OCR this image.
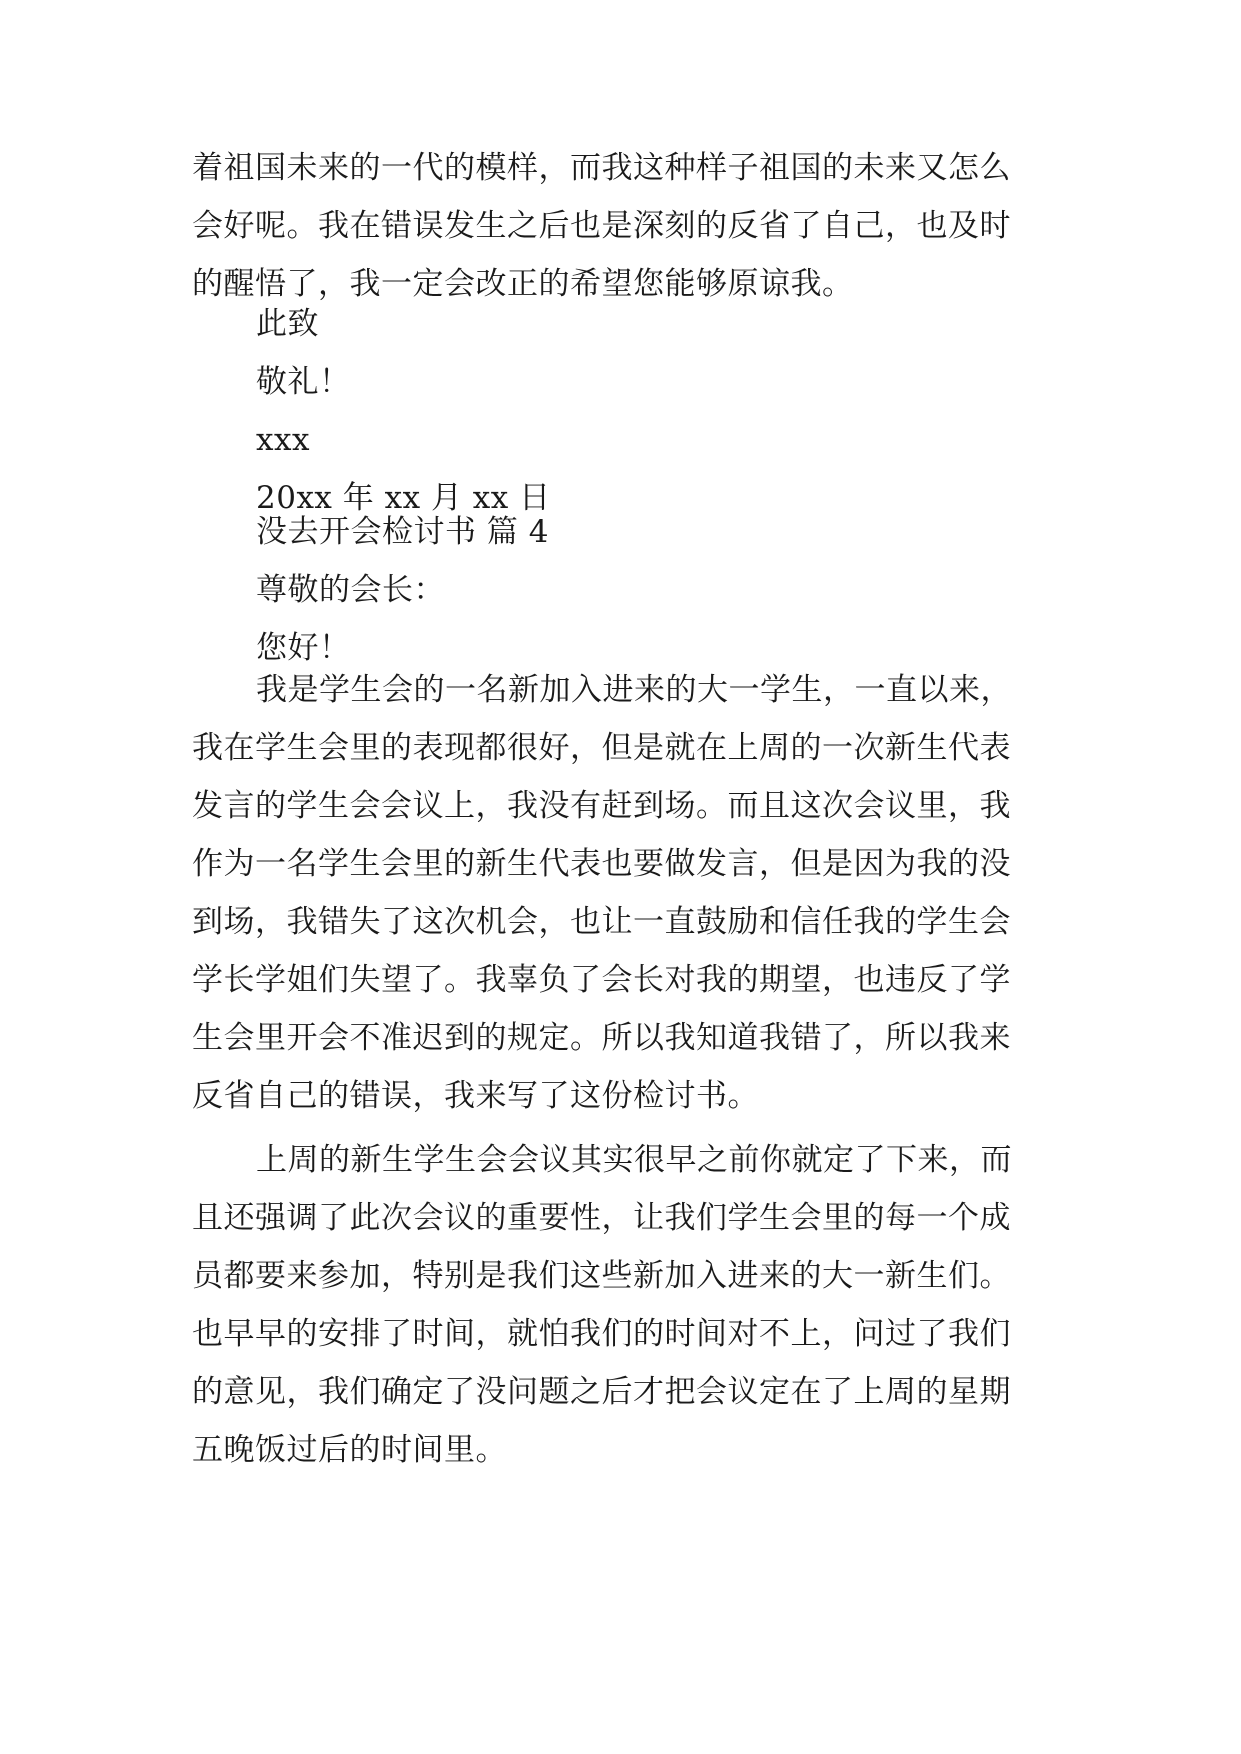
着祖国未来的一代的模样，而我这种样子祖国的未来又怎么
会好呢。我在错误发生之后也是深刻的反省了自己，也及时
的醒悟了，我一定会改正的希望您能够原谅我。
此致
敬礼！
xxx
20xx 年 xx 月 xx 日
没去开会检讨书 篇 4
尊敬的会长：
您好！
我是学生会的一名新加入进来的大一学生，一直以来，
我在学生会里的表现都很好，但是就在上周的一次新生代表
发言的学生会会议上，我没有赶到场。而且这次会议里，我
作为一名学生会里的新生代表也要做发言，但是因为我的没
到场，我错失了这次机会，也让一直鼓励和信任我的学生会
学长学姐们失望了。我辜负了会长对我的期望，也违反了学
生会里开会不准迟到的规定。所以我知道我错了，所以我来
反省自己的错误，我来写了这份检讨书。
上周的新生学生会会议其实很早之前你就定了下来，而
且还强调了此次会议的重要性，让我们学生会里的每一个成
员都要来参加，特别是我们这些新加入进来的大一新生们。
也早早的安排了时间，就怕我们的时间对不上，问过了我们
的意见，我们确定了没问题之后才把会议定在了上周的星期
五晚饭过后的时间里。
